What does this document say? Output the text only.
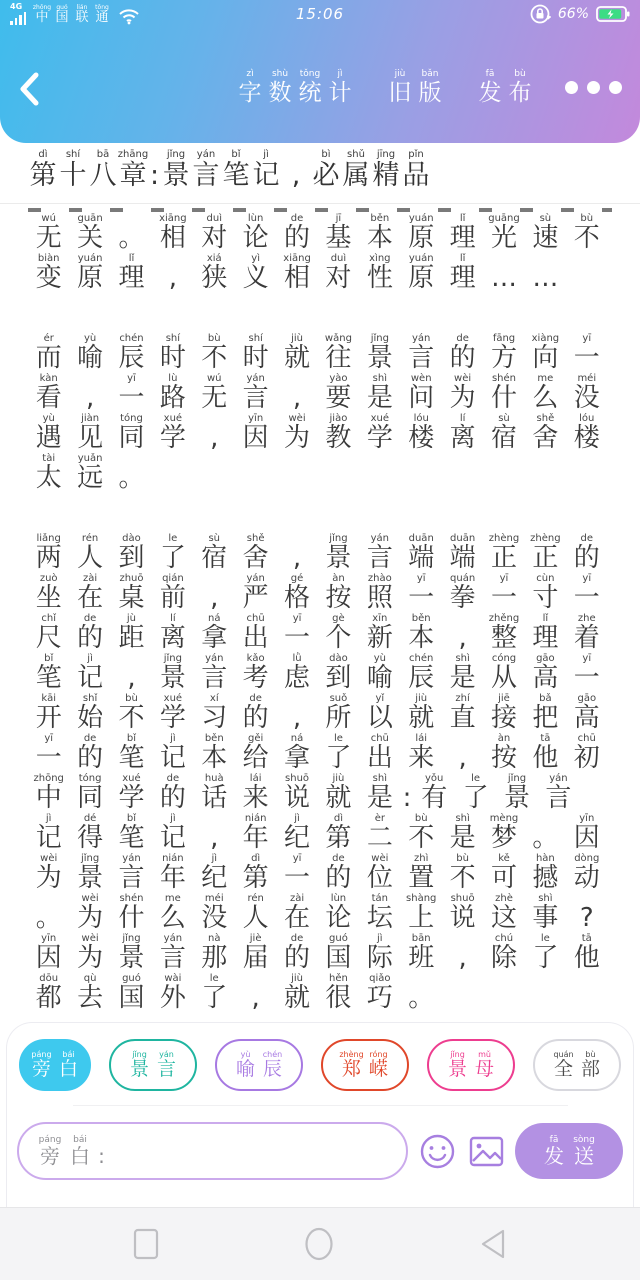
4G zhōng
中
guó
国
lián
联
tōng
通	15:06	66%
zì
字
shù
数
tǒng
统
jì
计
jiù
旧
bǎn
版
fā
发
bù
布
dì
第
shí
十
bā
八
zhāng
章
:
jǐng
景
yán
言
bǐ
笔
jì
记
,
bì
必
shǔ
属
jīng
精
pǐn
品
wú
无
guān
关
。
xiāng
相
duì
对
lùn
论
de
的
jī
基
běn
本
yuán
原
lǐ
理
guāng
光
sù
速
bù
不
biàn
变
yuán
原
lǐ
理
,
xiá
狭
yì
义
xiāng
相
duì
对
xìng
性
yuán
原
lǐ
理
…
…
ér
而
yù
喻
chén
辰
shí
时
bù
不
shí
时
jiù
就
wǎng
往
jǐng
景
yán
言
de
的
fāng
方
xiàng
向
yī
一
kàn
看
,
yī
一
lù
路
wú
无
yán
言
,
yào
要
shì
是
wèn
问
wèi
为
shén
什
me
么
méi
没
yù
遇
jiàn
见
tóng
同
xué
学
,
yīn
因
wèi
为
jiào
教
xué
学
lóu
楼
lí
离
sù
宿
shě
舍
lóu
楼
tài
太
yuǎn
远
。
liǎng
两
rén
人
dào
到
le
了
sù
宿
shě
舍
,
jǐng
景
yán
言
duān
端
duān
端
zhèng
正
zhèng
正
de
的
zuò
坐
zài
在
zhuō
桌
qián
前
,
yán
严
gé
格
àn
按
zhào
照
yī
一
quán
拳
yī
一
cùn
寸
yī
一
chǐ
尺
de
的
jù
距
lí
离
ná
拿
chū
出
yī
一
gè
个
xīn
新
běn
本
,
zhěng
整
lǐ
理
zhe
着
bǐ
笔
jì
记
,
jǐng
景
yán
言
kǎo
考
lǜ
虑
dào
到
yù
喻
chén
辰
shì
是
cóng
从
gāo
高
yī
一
kāi
开
shǐ
始
bù
不
xué
学
xí
习
de
的
,
suǒ
所
yǐ
以
jiù
就
zhí
直
jiē
接
bǎ
把
gāo
高
yī
一
de
的
bǐ
笔
jì
记
běn
本
gěi
给
ná
拿
le
了
chū
出
lái
来
,
àn
按
tā
他
chū
初
zhōng
中
tóng
同
xué
学
de
的
huà
话
lái
来
shuō
说
jiù
就
shì
是
:
yǒu
有
le
了
jǐng
景
yán
言
jì
记
dé
得
bǐ
笔
jì
记
,
nián
年
jì
纪
dì
第
èr
二
bù
不
shì
是
mèng
梦
。
yīn
因
wèi
为
jǐng
景
yán
言
nián
年
jì
纪
dì
第
yī
一
de
的
wèi
位
zhì
置
bù
不
kě
可
hàn
撼
dòng
动

。
wèi
为
shén
什
me
么
méi
没
rén
人
zài
在
lùn
论
tán
坛
shàng
上
shuō
说
zhè
这
shì
事
?
yīn
因
wèi
为
jǐng
景
yán
言
nà
那
jiè
届
de
的
guó
国
jì
际
bān
班
,
chú
除
le
了
tā
他
dōu
都
qù
去
guó
国
wài
外
le
了
,
jiù
就
hěn
很
qiǎo
巧
。
páng
旁
bái
白
jǐng
景
yán
言
yù
喻
chén
辰
zhèng
郑
róng
嵘
jǐng
景
mǔ
母
quán
全
bù
部
páng
旁
bái
白
:
fā
发
sòng
送
